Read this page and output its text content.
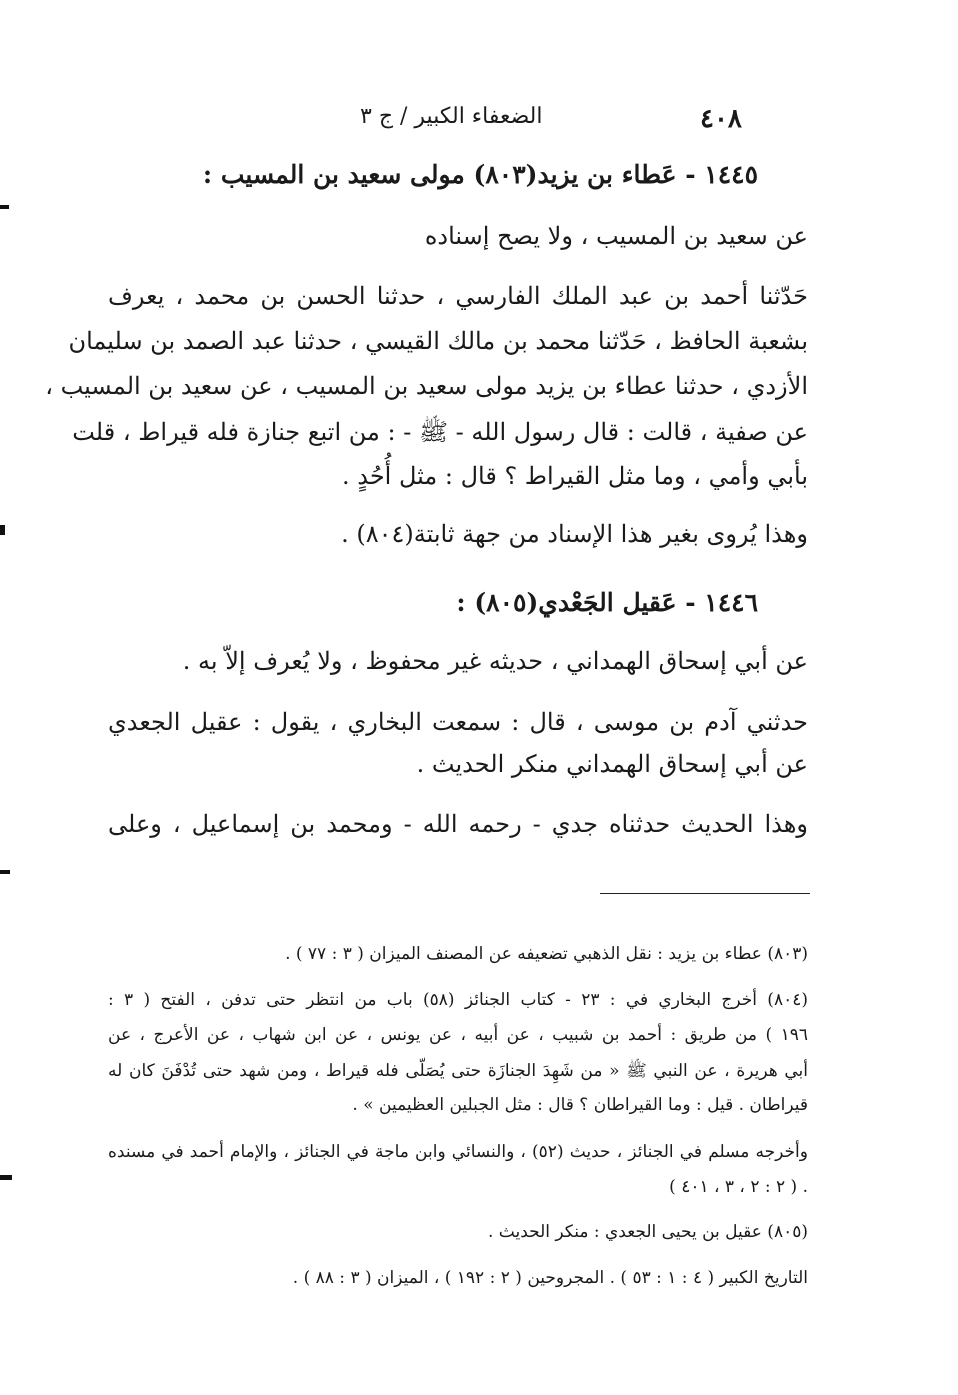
٤٠٨
الضعفاء الكبير / ج ٣
١٤٤٥ - عَطاء بن يزيد(٨٠٣) مولى سعيد بن المسيب :
عن سعيد بن المسيب ، ولا يصح إسناده
حَدّثنا أحمد بن عبد الملك الفارسي ، حدثنا الحسن بن محمد ، يعرف
بشعبة الحافظ ، حَدّثنا محمد بن مالك القيسي ، حدثنا عبد الصمد بن سليمان
الأزدي ، حدثنا عطاء بن يزيد مولى سعيد بن المسيب ، عن سعيد بن المسيب ،
عن صفية ، قالت : قال رسول الله - ﷺ - : من اتبع جنازة فله قيراط ، قلت
بأبي وأمي ، وما مثل القيراط ؟ قال : مثل أُحُدٍ .
وهذا يُروى بغير هذا الإسناد من جهة ثابتة(٨٠٤) .
١٤٤٦ - عَقيل الجَعْدي(٨٠٥) :
عن أبي إسحاق الهمداني ، حديثه غير محفوظ ، ولا يُعرف إلاّ به .
حدثني آدم بن موسى ، قال : سمعت البخاري ، يقول : عقيل الجعدي
عن أبي إسحاق الهمداني منكر الحديث .
وهذا الحديث حدثناه جدي - رحمه الله - ومحمد بن إسماعيل ، وعلى
(٨٠٣) عطاء بن يزيد : نقل الذهبي تضعيفه عن المصنف الميزان ( ٣ : ٧٧ ) .
(٨٠٤) أخرج البخاري في : ٢٣ - كتاب الجنائز (٥٨) باب من انتظر حتى تدفن ، الفتح ( ٣ :
١٩٦ ) من طريق : أحمد بن شبيب ، عن أبيه ، عن يونس ، عن ابن شهاب ، عن الأعرج ، عن
أبي هريرة ، عن النبي ﷺ « من شَهِدَ الجنازَة حتى يُصَلّى فله قيراط ، ومن شهد حتى تُدْفَنَ كان له
قيراطان . قيل : وما القيراطان ؟ قال : مثل الجبلين العظيمين » .
وأخرجه مسلم في الجنائز ، حديث (٥٢) ، والنسائي وابن ماجة في الجنائز ، والإمام أحمد في مسنده
( ٢ : ٢ ، ٣ ، ٤٠١ ) .
(٨٠٥) عقيل بن يحيى الجعدي : منكر الحديث .
التاريخ الكبير ( ٤ : ١ : ٥٣ ) . المجروحين ( ٢ : ١٩٢ ) ، الميزان ( ٣ : ٨٨ ) .
